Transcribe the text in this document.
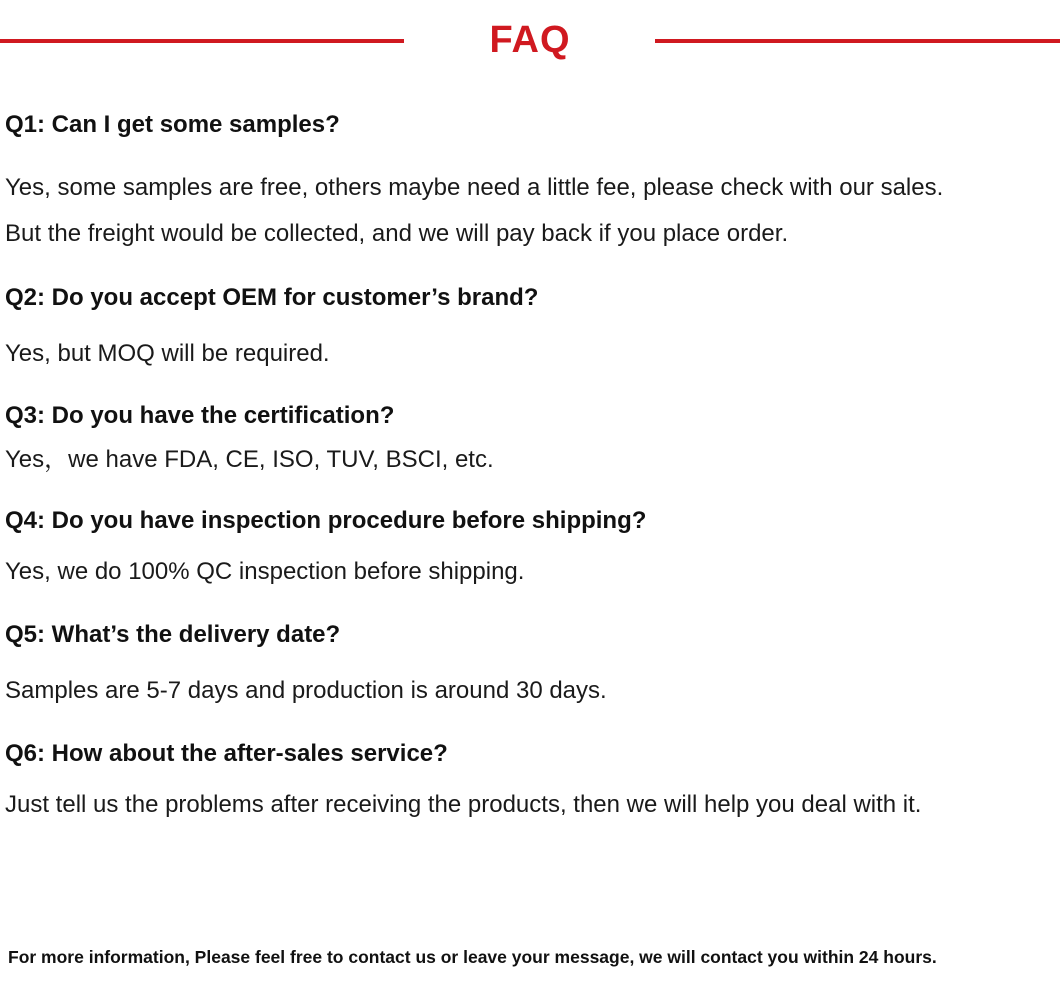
FAQ
Q1: Can I get some samples?
Yes, some samples are free, others maybe need a little fee, please check with our sales.
But the freight would be collected, and we will pay back if you place order.
Q2: Do you accept OEM for customer’s brand?
Yes, but MOQ will be required.
Q3: Do you have the certification?
Yes，we have FDA, CE, ISO, TUV, BSCI, etc.
Q4: Do you have inspection procedure before shipping?
Yes, we do 100% QC inspection before shipping.
Q5: What’s the delivery date?
Samples are 5-7 days and production is around 30 days.
Q6: How about the after-sales service?
Just tell us the problems after receiving the products, then we will help you deal with it.
For more information, Please feel free to contact us or leave your message, we will contact you within 24 hours.
